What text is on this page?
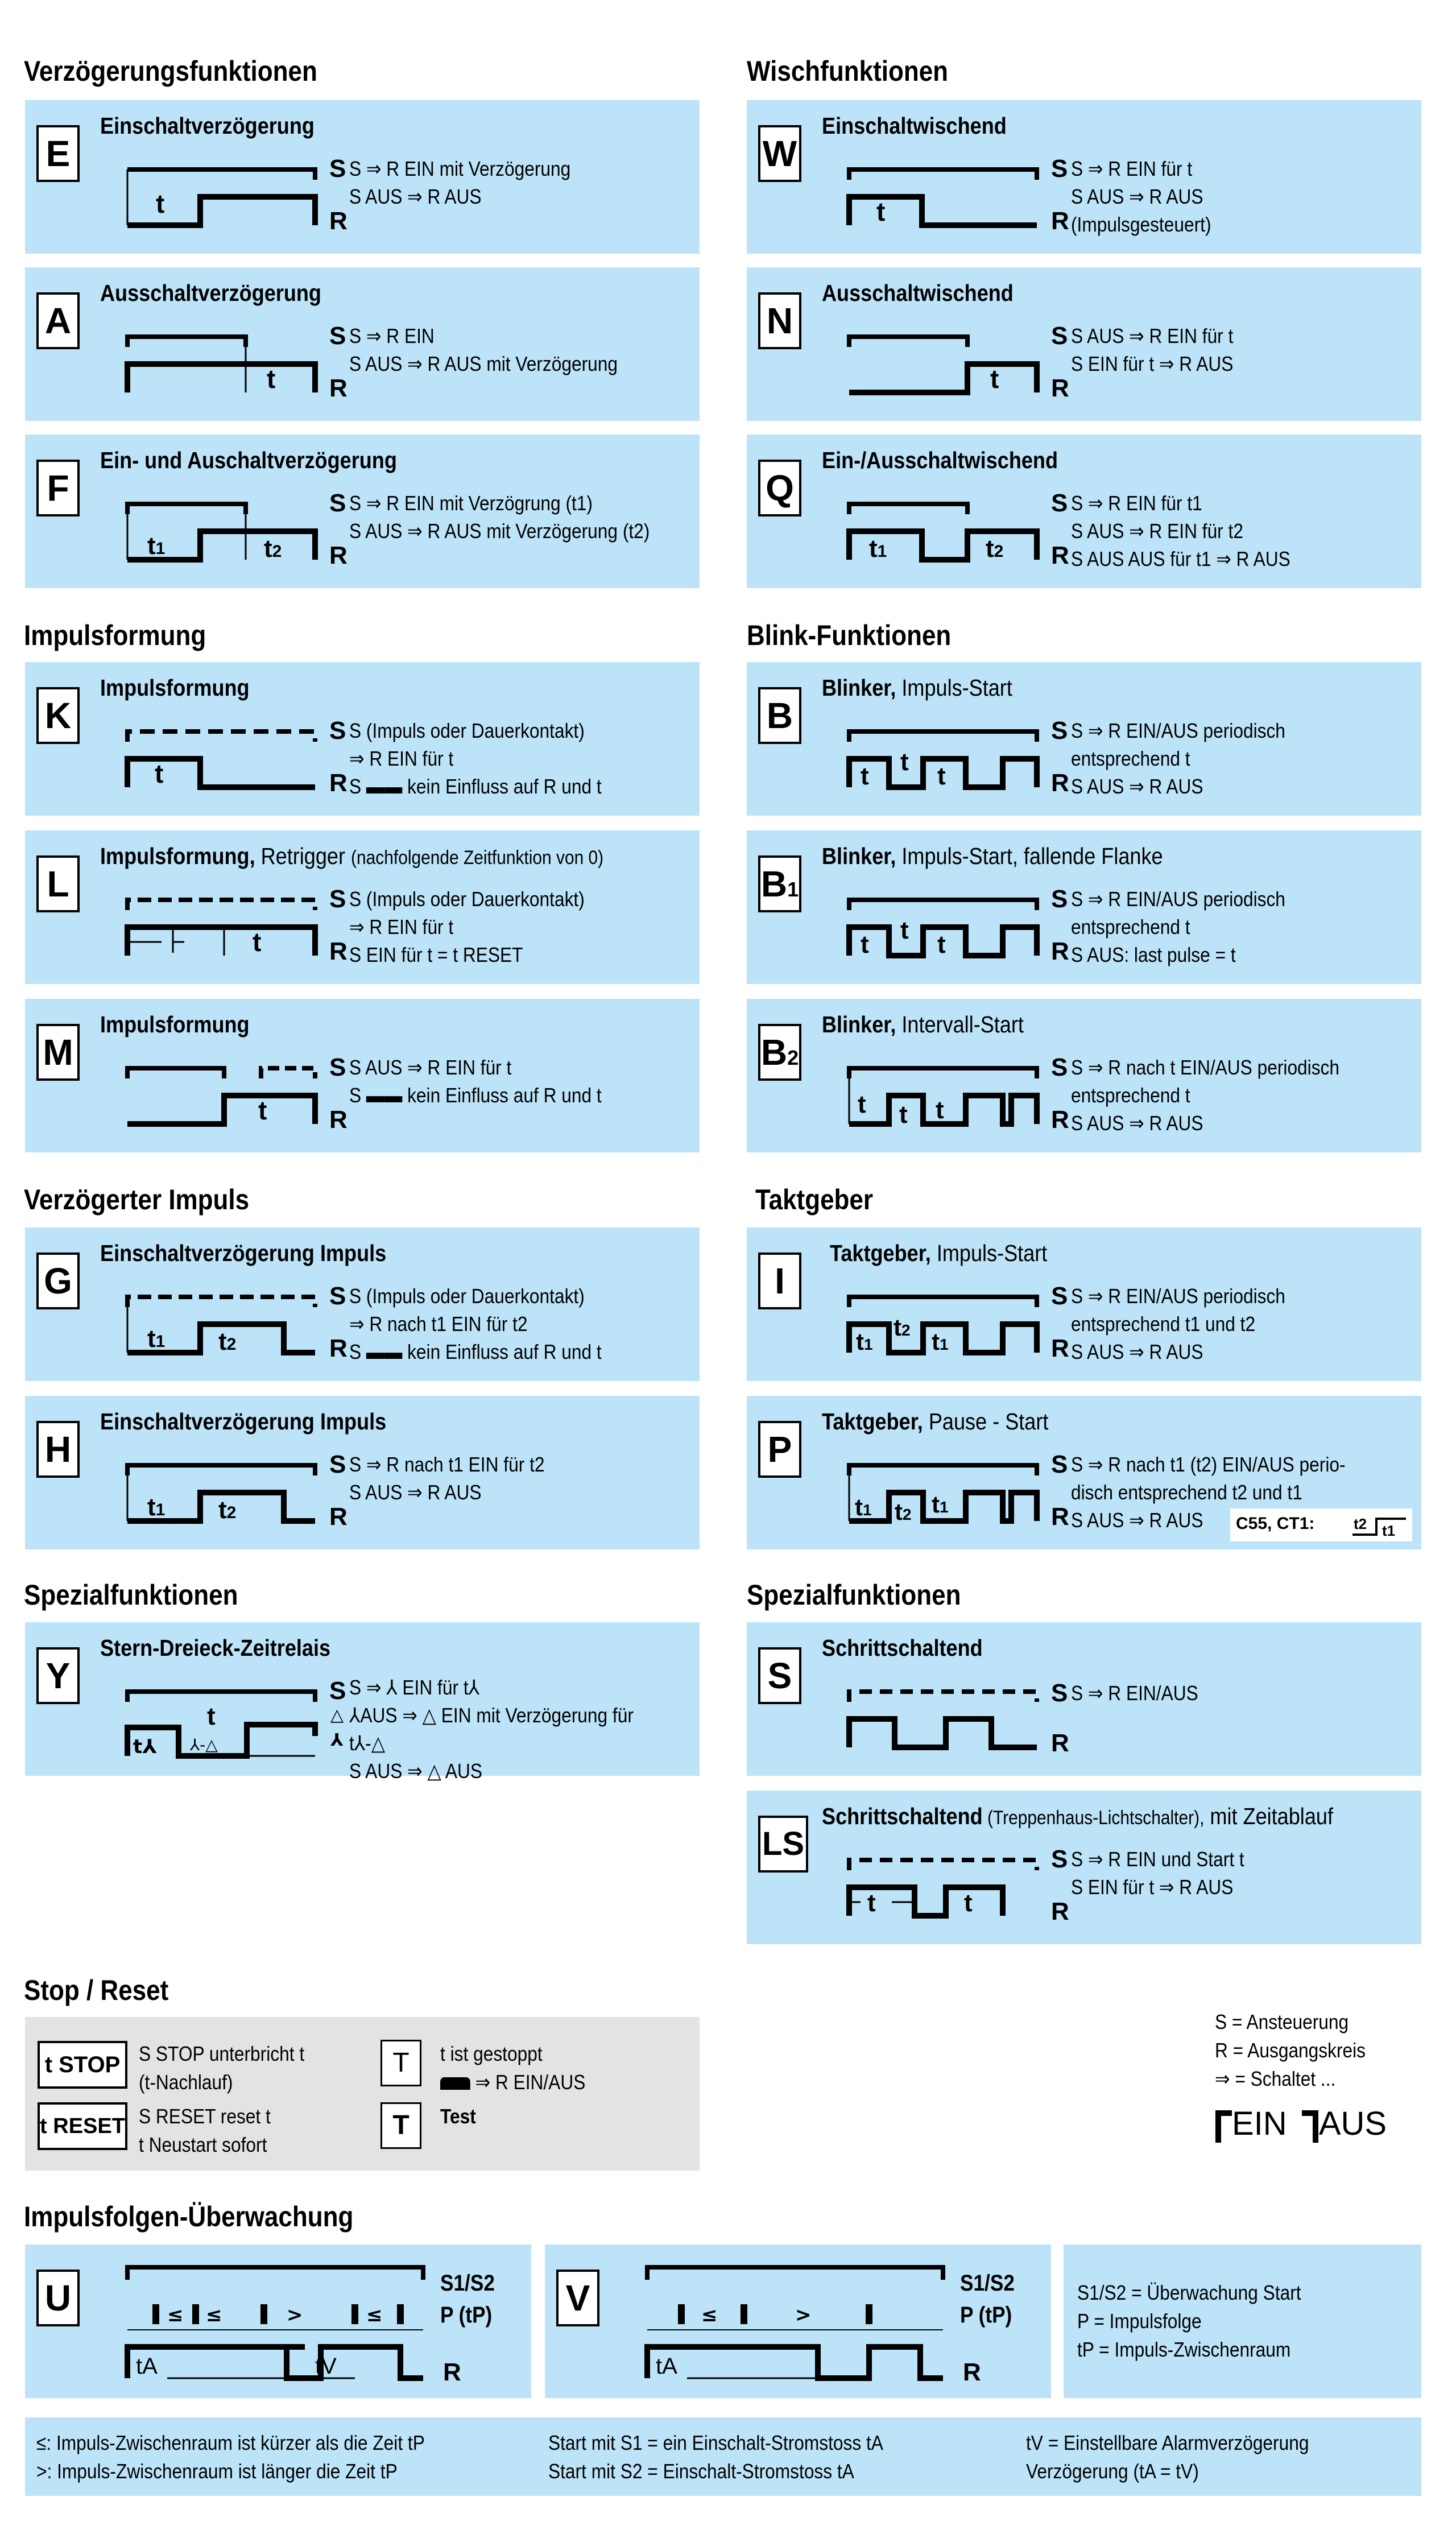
Verzögerungsfunktionen	Wischfunktionen
Impulsformung	Blink-Funktionen
Verzögerter Impuls	Taktgeber
Spezialfunktionen	Spezialfunktionen
Stop / Reset
Impulsfolgen-Überwachung
E
Einschaltverzögerung
t
S
R
S ⇒ R EIN mit Verzögerung
S AUS ⇒ R AUS
A
Ausschaltverzögerung
t
S
R
S ⇒ R EIN
S AUS ⇒ R AUS mit Verzögerung
F
Ein- und Auschaltverzögerung
t1	t2
S
R
S ⇒ R EIN mit Verzögrung (t1)
S AUS ⇒ R AUS mit Verzögerung (t2)
K
Impulsformung
t
S
R
S (Impuls oder Dauerkontakt)
⇒ R EIN für t
S ▬▬ kein Einfluss auf R und t
L
Impulsformung, Retrigger (nachfolgende Zeitfunktion von 0)
t
S
R
S (Impuls oder Dauerkontakt)
⇒ R EIN für t
S EIN für t = t RESET
M
Impulsformung
t
S
R
S AUS ⇒ R EIN für t
S ▬▬ kein Einfluss auf R und t
G
Einschaltverzögerung Impuls
t1 t2
S
R
S (Impuls oder Dauerkontakt)
⇒ R nach t1 EIN für t2
S ▬▬ kein Einfluss auf R und t
H
Einschaltverzögerung Impuls
t1 t2
S
R
S ⇒ R nach t1 EIN für t2
S AUS ⇒ R AUS
Y
Stern-Dreieck-Zeitrelais
t
t⅄ ⅄-△
S
△
⅄
S ⇒ ⅄ EIN für t⅄
⅄AUS ⇒ △ EIN mit Verzögerung für
t⅄-△
S AUS ⇒ △ AUS
W
Einschaltwischend
t
S
R
S ⇒ R EIN für t
S AUS ⇒ R AUS
(Impulsgesteuert)
N
Ausschaltwischend
t
S
R
S AUS ⇒ R EIN für t
S EIN für t ⇒ R AUS
Q
Ein-/Ausschaltwischend
t1	t2
S
R
S ⇒ R EIN für t1
S AUS ⇒ R EIN für t2
S AUS AUS für t1 ⇒ R AUS
B
Blinker, Impuls-Start
t
t
t
S
R
S ⇒ R EIN/AUS periodisch
entsprechend t
S AUS ⇒ R AUS
B1
Blinker, Impuls-Start, fallende Flanke
t
t
t
S
R
S ⇒ R EIN/AUS periodisch
entsprechend t
S AUS: last pulse = t
B2
Blinker, Intervall-Start
t t t
S
R
S ⇒ R nach t EIN/AUS periodisch
entsprechend t
S AUS ⇒ R AUS
I
Taktgeber, Impuls-Start
t1
t2 t1
S
R
S ⇒ R EIN/AUS periodisch
entsprechend t1 und t2
S AUS ⇒ R AUS
P
Taktgeber, Pause - Start
t1 t2 t1
S
R
S ⇒ R nach t1 (t2) EIN/AUS perio-
disch entsprechend t2 und t1
S AUS ⇒ R AUS	C55, CT1:	t2 t1
S
Schrittschaltend
S
R
S ⇒ R EIN/AUS
LS
Schrittschaltend (Treppenhaus-Lichtschalter), mit Zeitablauf
t	t
S
R
S ⇒ R EIN und Start t
S EIN für t ⇒ R AUS
t STOP S STOP unterbricht t
(t-Nachlauf)
t RESET S RESET reset t
t Neustart sofort
T	t ist gestoppt
⇒ R EIN/AUS
T	Test
S = Ansteuerung
R = Ausgangskreis
⇒ = Schaltet ...
EIN AUS
U	≤ ≤	>	≤
tA	tV
S1/S2
P (tP)
R
V	≤	>
tA
S1/S2
P (tP)
R
S1/S2 = Überwachung Start
P = Impulsfolge
tP = Impuls-Zwischenraum
≤: Impuls-Zwischenraum ist kürzer als die Zeit tP
>: Impuls-Zwischenraum ist länger die Zeit tP
Start mit S1 = ein Einschalt-Stromstoss tA
Start mit S2 = Einschalt-Stromstoss tA
tV = Einstellbare Alarmverzögerung
Verzögerung (tA = tV)
